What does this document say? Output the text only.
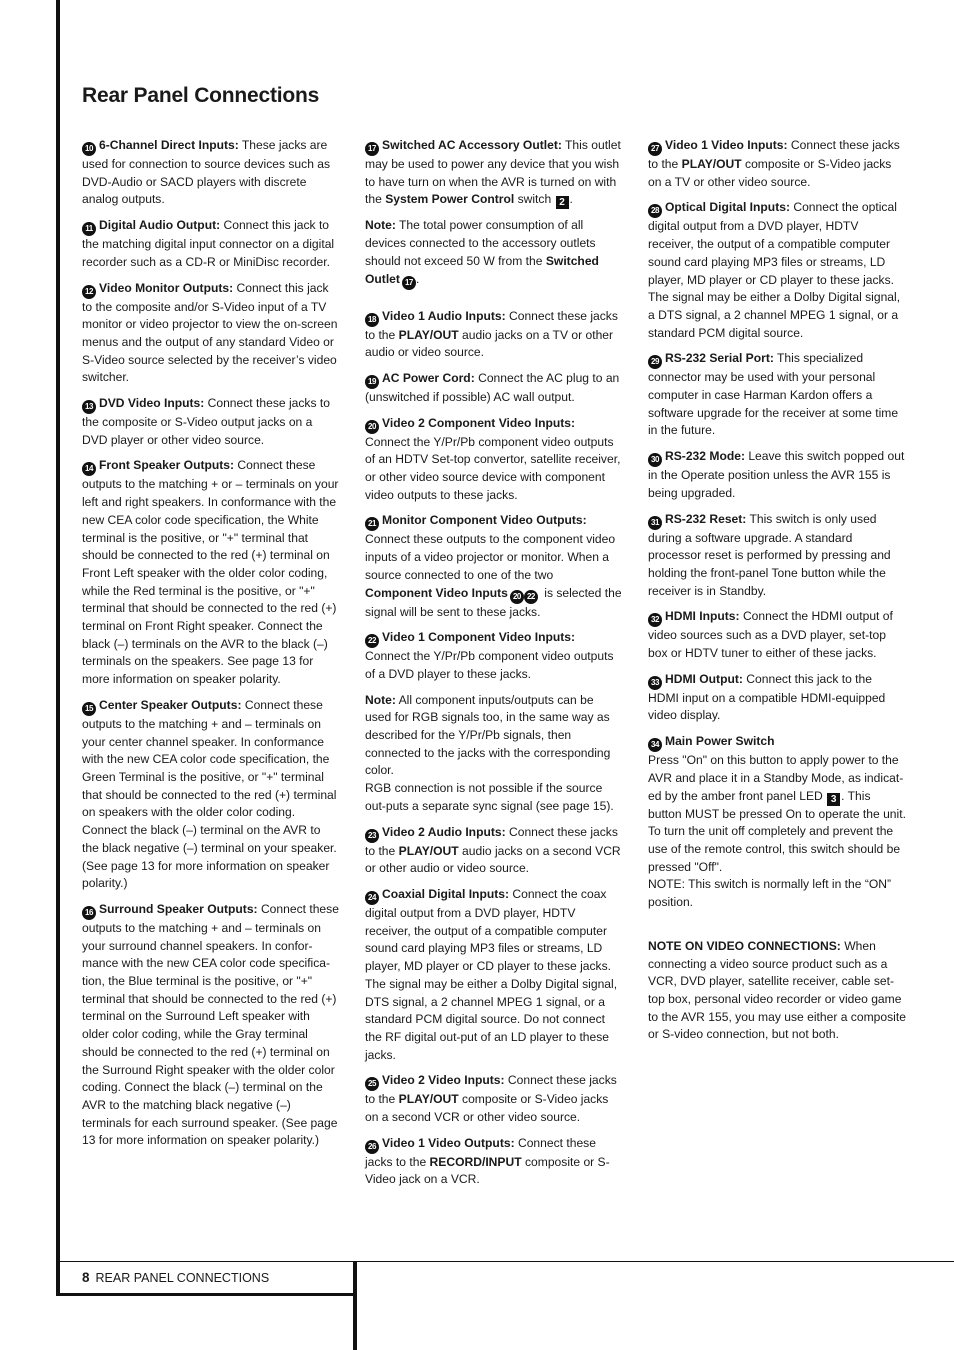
Rear Panel Connections

10 6-Channel Direct Inputs: These jacks are used for connection to source devices such as DVD-Audio or SACD players with discrete analog outputs.

11 Digital Audio Output: Connect this jack to the matching digital input connector on a digital recorder such as a CD-R or MiniDisc recorder.

12 Video Monitor Outputs: Connect this jack to the composite and/or S-Video input of a TV monitor or video projector to view the on-screen menus and the output of any standard Video or S-Video source selected by the receiver’s video switcher.

13 DVD Video Inputs: Connect these jacks to the composite or S-Video output jacks on a DVD player or other video source.

14 Front Speaker Outputs: Connect these outputs to the matching + or – terminals on your left and right speakers. In conformance with the new CEA color code specification, the White terminal is the positive, or "+" terminal that should be connected to the red (+) terminal on Front Left speaker with the older color coding, while the Red terminal is the positive, or "+" terminal that should be connected to the red (+) terminal on Front Right speaker. Connect the black (–) terminals on the AVR to the black (–) terminals on the speakers. See page 13 for more information on speaker polarity.

15 Center Speaker Outputs: Connect these outputs to the matching + and – terminals on your center channel speaker. In conformance with the new CEA color code specification, the Green Terminal is the positive, or "+" terminal that should be connected to the red (+) terminal on speakers with the older color coding. Connect the black (–) terminal on the AVR to the black negative (–) terminal on your speaker. (See page 13 for more information on speaker polarity.)

16 Surround Speaker Outputs: Connect these outputs to the matching + and – terminals on your surround channel speakers. In confor-mance with the new CEA color code specifica-tion, the Blue terminal is the positive, or "+" terminal that should be connected to the red (+) terminal on the Surround Left speaker with older color coding, while the Gray terminal should be connected to the red (+) terminal on the Surround Right speaker with the older color coding. Connect the black (–) terminal on the AVR to the matching black negative (–) terminals for each surround speaker. (See page 13 for more information on speaker polarity.)

17 Switched AC Accessory Outlet: This outlet may be used to power any device that you wish to have turn on when the AVR is turned on with the System Power Control switch 2 .

Note: The total power consumption of all devices connected to the accessory outlets should not exceed 50 W from the Switched Outlet 17 .

18 Video 1 Audio Inputs: Connect these jacks to the PLAY/OUT audio jacks on a TV or other audio or video source.

19 AC Power Cord: Connect the AC plug to an (unswitched if possible) AC wall output.

20 Video 2 Component Video Inputs: Connect the Y/Pr/Pb component video outputs of an HDTV Set-top convertor, satellite receiver, or other video source device with component video outputs to these jacks.

21 Monitor Component Video Outputs: Connect these outputs to the component video inputs of a video projector or monitor. When a source connected to one of the two Component Video Inputs 20 22 is selected the signal will be sent to these jacks.

22 Video 1 Component Video Inputs: Connect the Y/Pr/Pb component video outputs of a DVD player to these jacks.

Note: All component inputs/outputs can be used for RGB signals too, in the same way as described for the Y/Pr/Pb signals, then connected to the jacks with the corresponding color.
RGB connection is not possible if the source out-puts a separate sync signal (see page 15).

23 Video 2 Audio Inputs: Connect these jacks to the PLAY/OUT audio jacks on a second VCR or other audio or video source.

24 Coaxial Digital Inputs: Connect the coax digital output from a DVD player, HDTV receiver, the output of a compatible computer sound card playing MP3 files or streams, LD player, MD player or CD player to these jacks. The signal may be either a Dolby Digital signal, DTS signal, a 2 channel MPEG 1 signal, or a standard PCM digital source. Do not connect the RF digital out-put of an LD player to these jacks.

25 Video 2 Video Inputs: Connect these jacks to the PLAY/OUT composite or S-Video jacks on a second VCR or other video source.

26 Video 1 Video Outputs: Connect these jacks to the RECORD/INPUT composite or S-Video jack on a VCR.

27 Video 1 Video Inputs: Connect these jacks to the PLAY/OUT composite or S-Video jacks on a TV or other video source.

28 Optical Digital Inputs: Connect the optical digital output from a DVD player, HDTV receiver, the output of a compatible computer sound card playing MP3 files or streams, LD player, MD player or CD player to these jacks. The signal may be either a Dolby Digital signal, a DTS signal, a 2 channel MPEG 1 signal, or a standard PCM digital source.

29 RS-232 Serial Port: This specialized connector may be used with your personal computer in case Harman Kardon offers a software upgrade for the receiver at some time in the future.

30 RS-232 Mode: Leave this switch popped out in the Operate position unless the AVR 155 is being upgraded.

31 RS-232 Reset: This switch is only used during a software upgrade. A standard processor reset is performed by pressing and holding the front-panel Tone button while the receiver is in Standby.

32 HDMI Inputs: Connect the HDMI output of video sources such as a DVD player, set-top box or HDTV tuner to either of these jacks.

33 HDMI Output: Connect this jack to the HDMI input on a compatible HDMI-equipped video display.

34 Main Power Switch
Press "On" on this button to apply power to the AVR and place it in a Standby Mode, as indicat-ed by the amber front panel LED 3 . This button MUST be pressed On to operate the unit.
To turn the unit off completely and prevent the use of the remote control, this switch should be pressed "Off".
NOTE: This switch is normally left in the “ON” position.

NOTE ON VIDEO CONNECTIONS: When connecting a video source product such as a VCR, DVD player, satellite receiver, cable set-top box, personal video recorder or video game to the AVR 155, you may use either a composite or S-video connection, but not both.

8 REAR PANEL CONNECTIONS
